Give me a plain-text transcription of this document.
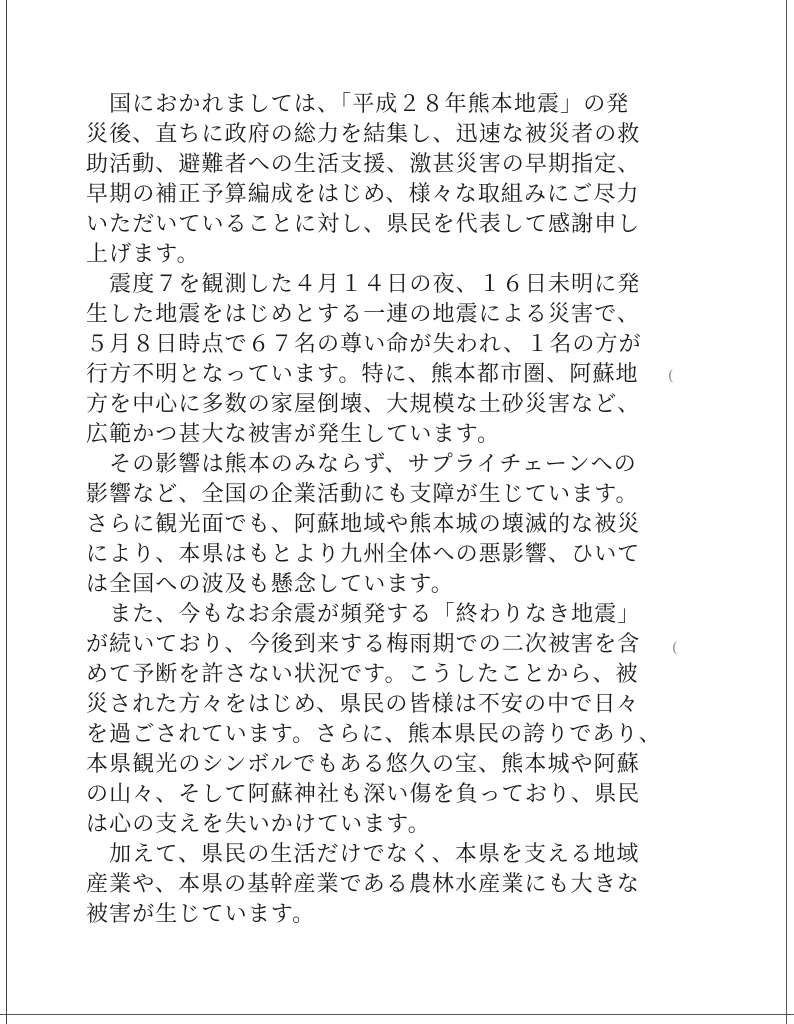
(
(

　国におかれましては、「平成２８年熊本地震」の発

災後、直ちに政府の総力を結集し、迅速な被災者の救

助活動、避難者への生活支援、激甚災害の早期指定、

早期の補正予算編成をはじめ、様々な取組みにご尽力

いただいていることに対し、県民を代表して感謝申し

上げます。

　震度７を観測した４月１４日の夜、１６日未明に発

生した地震をはじめとする一連の地震による災害で、

５月８日時点で６７名の尊い命が失われ、１名の方が

行方不明となっています。特に、熊本都市圏、阿蘇地

方を中心に多数の家屋倒壊、大規模な土砂災害など、

広範かつ甚大な被害が発生しています。

　その影響は熊本のみならず、サプライチェーンへの

影響など、全国の企業活動にも支障が生じています。

さらに観光面でも、阿蘇地域や熊本城の壊滅的な被災

により、本県はもとより九州全体への悪影響、ひいて

は全国への波及も懸念しています。

　また、今もなお余震が頻発する「終わりなき地震」

が続いており、今後到来する梅雨期での二次被害を含

めて予断を許さない状況です。こうしたことから、被

災された方々をはじめ、県民の皆様は不安の中で日々

を過ごされています。さらに、熊本県民の誇りであり、

本県観光のシンボルでもある悠久の宝、熊本城や阿蘇

の山々、そして阿蘇神社も深い傷を負っており、県民

は心の支えを失いかけています。

　加えて、県民の生活だけでなく、本県を支える地域

産業や、本県の基幹産業である農林水産業にも大きな

被害が生じています。
